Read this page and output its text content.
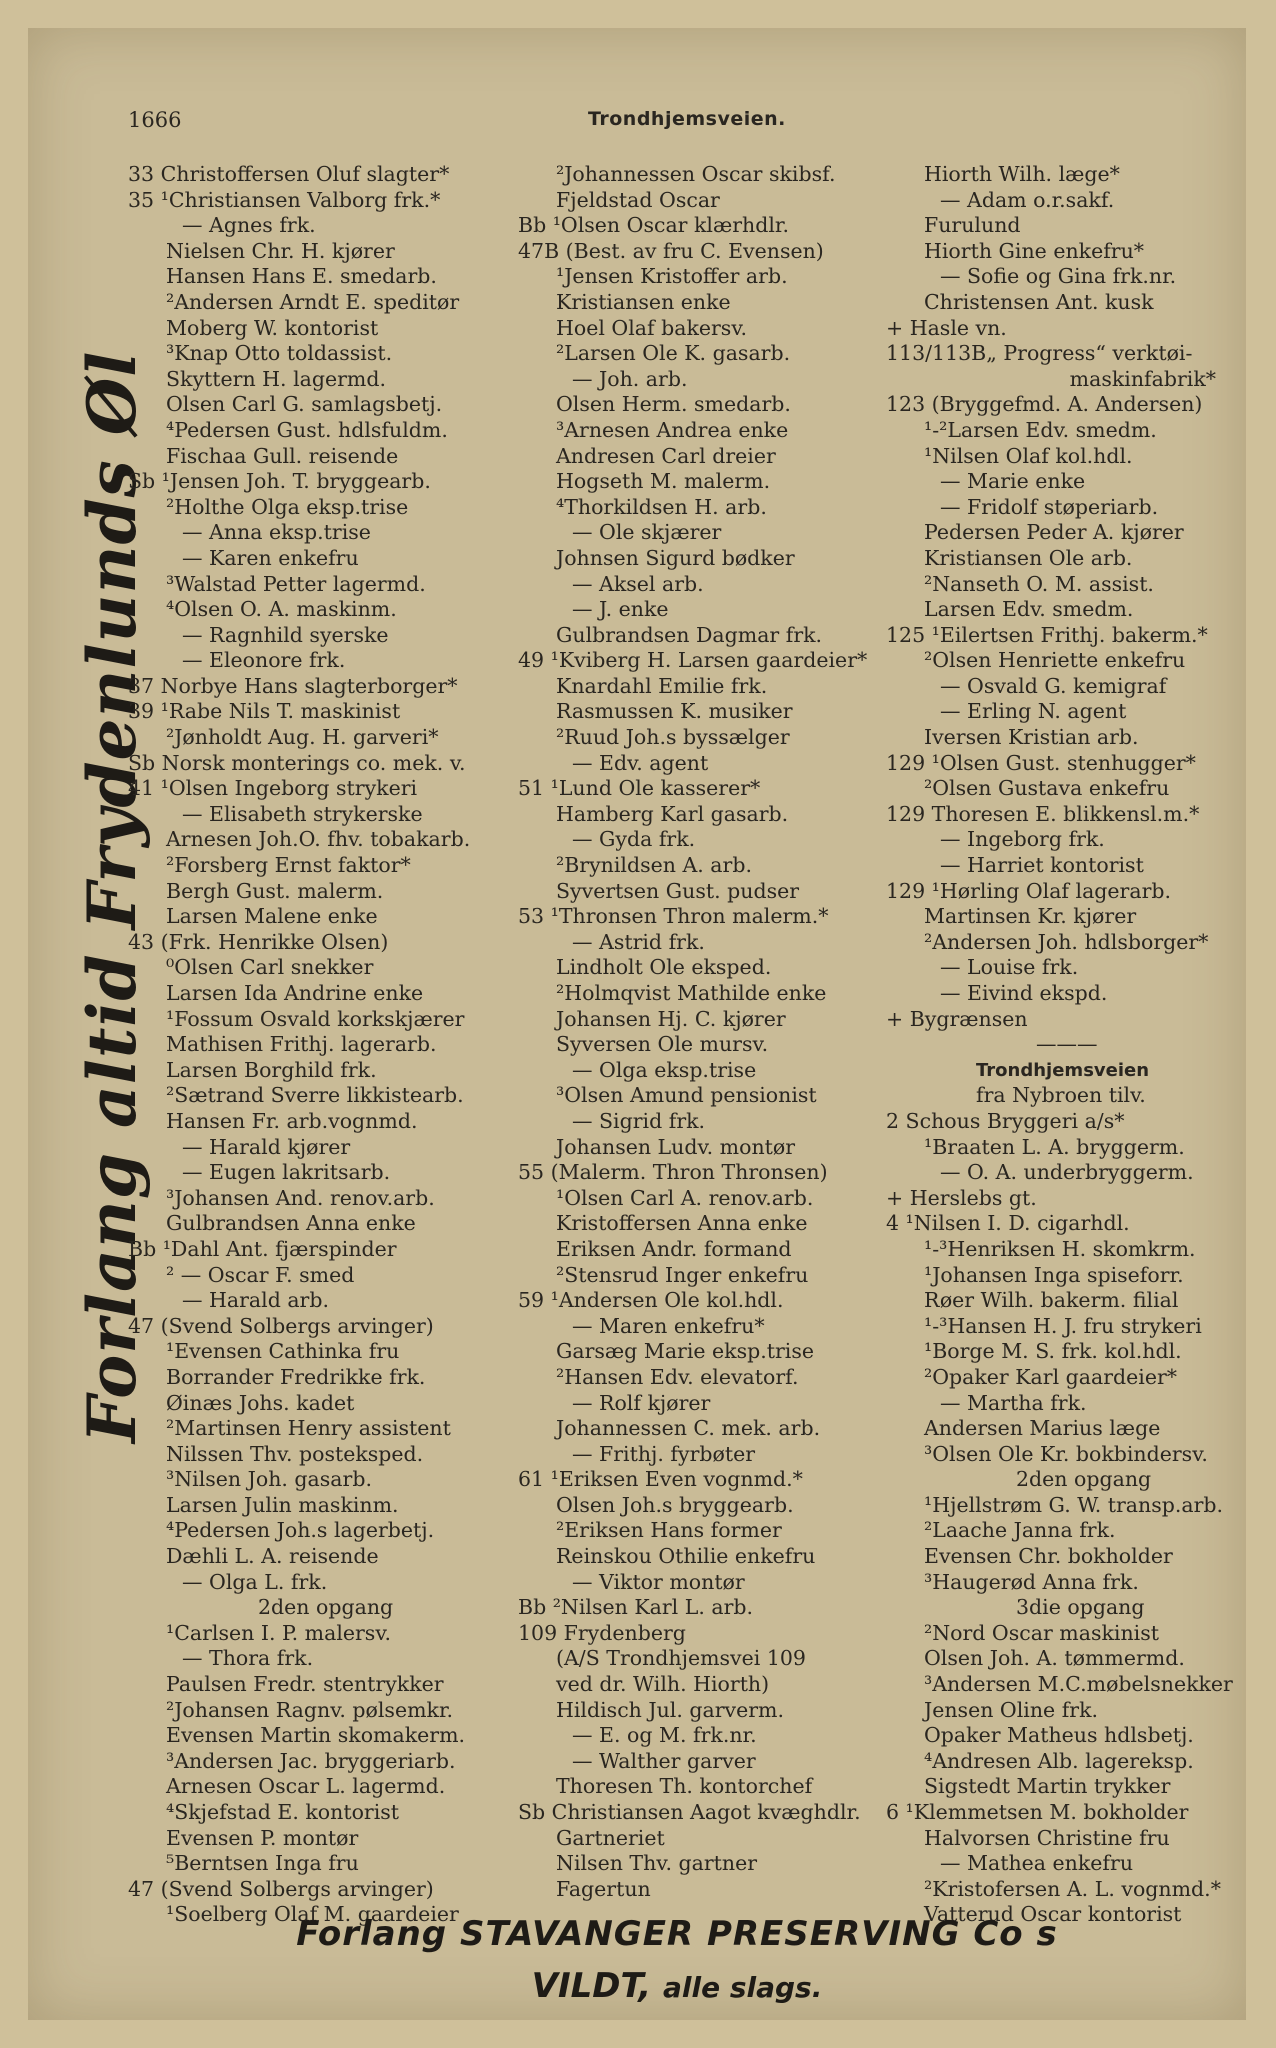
1666	Trondhjemsveien.
Forlang altid Frydenlunds Øl
33 Christoffersen Oluf slagter*
35 ¹Christiansen Valborg frk.*
— Agnes frk.
Nielsen Chr. H. kjører
Hansen Hans E. smedarb.
²Andersen Arndt E. speditør
Moberg W. kontorist
³Knap Otto toldassist.
Skyttern H. lagermd.
Olsen Carl G. samlagsbetj.
⁴Pedersen Gust. hdlsfuldm.
Fischaa Gull. reisende
Sb ¹Jensen Joh. T. bryggearb.
²Holthe Olga eksp.trise
— Anna eksp.trise
— Karen enkefru
³Walstad Petter lagermd.
⁴Olsen O. A. maskinm.
— Ragnhild syerske
— Eleonore frk.
37 Norbye Hans slagterborger*
39 ¹Rabe Nils T. maskinist
²Jønholdt Aug. H. garveri*
Sb Norsk monterings co. mek. v.
41 ¹Olsen Ingeborg strykeri
— Elisabeth strykerske
Arnesen Joh.O. fhv. tobakarb.
²Forsberg Ernst faktor*
Bergh Gust. malerm.
Larsen Malene enke
43 (Frk. Henrikke Olsen)
⁰Olsen Carl snekker
Larsen Ida Andrine enke
¹Fossum Osvald korkskjærer
Mathisen Frithj. lagerarb.
Larsen Borghild frk.
²Sætrand Sverre likkistearb.
Hansen Fr. arb.vognmd.
— Harald kjører
— Eugen lakritsarb.
³Johansen And. renov.arb.
Gulbrandsen Anna enke
Bb ¹Dahl Ant. fjærspinder
² — Oscar F. smed
— Harald arb.
47 (Svend Solbergs arvinger)
¹Evensen Cathinka fru
Borrander Fredrikke frk.
Øinæs Johs. kadet
²Martinsen Henry assistent
Nilssen Thv. posteksped.
³Nilsen Joh. gasarb.
Larsen Julin maskinm.
⁴Pedersen Joh.s lagerbetj.
Dæhli L. A. reisende
— Olga L. frk.
2den opgang
¹Carlsen I. P. malersv.
— Thora frk.
Paulsen Fredr. stentrykker
²Johansen Ragnv. pølsemkr.
Evensen Martin skomakerm.
³Andersen Jac. bryggeriarb.
Arnesen Oscar L. lagermd.
⁴Skjefstad E. kontorist
Evensen P. montør
⁵Berntsen Inga fru
47 (Svend Solbergs arvinger)
¹Soelberg Olaf M. gaardeier
²Johannessen Oscar skibsf.
Fjeldstad Oscar
Bb ¹Olsen Oscar klærhdlr.
47B (Best. av fru C. Evensen)
¹Jensen Kristoffer arb.
Kristiansen enke
Hoel Olaf bakersv.
²Larsen Ole K. gasarb.
— Joh. arb.
Olsen Herm. smedarb.
³Arnesen Andrea enke
Andresen Carl dreier
Hogseth M. malerm.
⁴Thorkildsen H. arb.
— Ole skjærer
Johnsen Sigurd bødker
— Aksel arb.
— J. enke
Gulbrandsen Dagmar frk.
49 ¹Kviberg H. Larsen gaardeier*
Knardahl Emilie frk.
Rasmussen K. musiker
²Ruud Joh.s byssælger
— Edv. agent
51 ¹Lund Ole kasserer*
Hamberg Karl gasarb.
— Gyda frk.
²Brynildsen A. arb.
Syvertsen Gust. pudser
53 ¹Thronsen Thron malerm.*
— Astrid frk.
Lindholt Ole eksped.
²Holmqvist Mathilde enke
Johansen Hj. C. kjører
Syversen Ole mursv.
— Olga eksp.trise
³Olsen Amund pensionist
— Sigrid frk.
Johansen Ludv. montør
55 (Malerm. Thron Thronsen)
¹Olsen Carl A. renov.arb.
Kristoffersen Anna enke
Eriksen Andr. formand
²Stensrud Inger enkefru
59 ¹Andersen Ole kol.hdl.
— Maren enkefru*
Garsæg Marie eksp.trise
²Hansen Edv. elevatorf.
— Rolf kjører
Johannessen C. mek. arb.
— Frithj. fyrbøter
61 ¹Eriksen Even vognmd.*
Olsen Joh.s bryggearb.
²Eriksen Hans former
Reinskou Othilie enkefru
— Viktor montør
Bb ²Nilsen Karl L. arb.
109 Frydenberg
(A/S Trondhjemsvei 109
ved dr. Wilh. Hiorth)
Hildisch Jul. garverm.
— E. og M. frk.nr.
— Walther garver
Thoresen Th. kontorchef
Sb Christiansen Aagot kvæghdlr.
Gartneriet
Nilsen Thv. gartner
Fagertun
Hiorth Wilh. læge*
— Adam o.r.sakf.
Furulund
Hiorth Gine enkefru*
— Sofie og Gina frk.nr.
Christensen Ant. kusk
+ Hasle vn.
113/113B„ Progress“ verktøi-
maskinfabrik*
123 (Bryggefmd. A. Andersen)
¹-²Larsen Edv. smedm.
¹Nilsen Olaf kol.hdl.
— Marie enke
— Fridolf støperiarb.
Pedersen Peder A. kjører
Kristiansen Ole arb.
²Nanseth O. M. assist.
Larsen Edv. smedm.
125 ¹Eilertsen Frithj. bakerm.*
²Olsen Henriette enkefru
— Osvald G. kemigraf
— Erling N. agent
Iversen Kristian arb.
129 ¹Olsen Gust. stenhugger*
²Olsen Gustava enkefru
129 Thoresen E. blikkensl.m.*
— Ingeborg frk.
— Harriet kontorist
129 ¹Hørling Olaf lagerarb.
Martinsen Kr. kjører
²Andersen Joh. hdlsborger*
— Louise frk.
— Eivind ekspd.
+ Bygrænsen
———
Trondhjemsveien
fra Nybroen tilv.
2 Schous Bryggeri a/s*
¹Braaten L. A. bryggerm.
— O. A. underbryggerm.
+ Herslebs gt.
4 ¹Nilsen I. D. cigarhdl.
¹-³Henriksen H. skomkrm.
¹Johansen Inga spiseforr.
Røer Wilh. bakerm. filial
¹-³Hansen H. J. fru strykeri
¹Borge M. S. frk. kol.hdl.
²Opaker Karl gaardeier*
— Martha frk.
Andersen Marius læge
³Olsen Ole Kr. bokbindersv.
2den opgang
¹Hjellstrøm G. W. transp.arb.
²Laache Janna frk.
Evensen Chr. bokholder
³Haugerød Anna frk.
3die opgang
²Nord Oscar maskinist
Olsen Joh. A. tømmermd.
³Andersen M.C.møbelsnekker
Jensen Oline frk.
Opaker Matheus hdlsbetj.
⁴Andresen Alb. lagereksp.
Sigstedt Martin trykker
6 ¹Klemmetsen M. bokholder
Halvorsen Christine fru
— Mathea enkefru
²Kristofersen A. L. vognmd.*
Vatterud Oscar kontorist
Forlang STAVANGER PRESERVING Co s
VILDT, alle slags.
